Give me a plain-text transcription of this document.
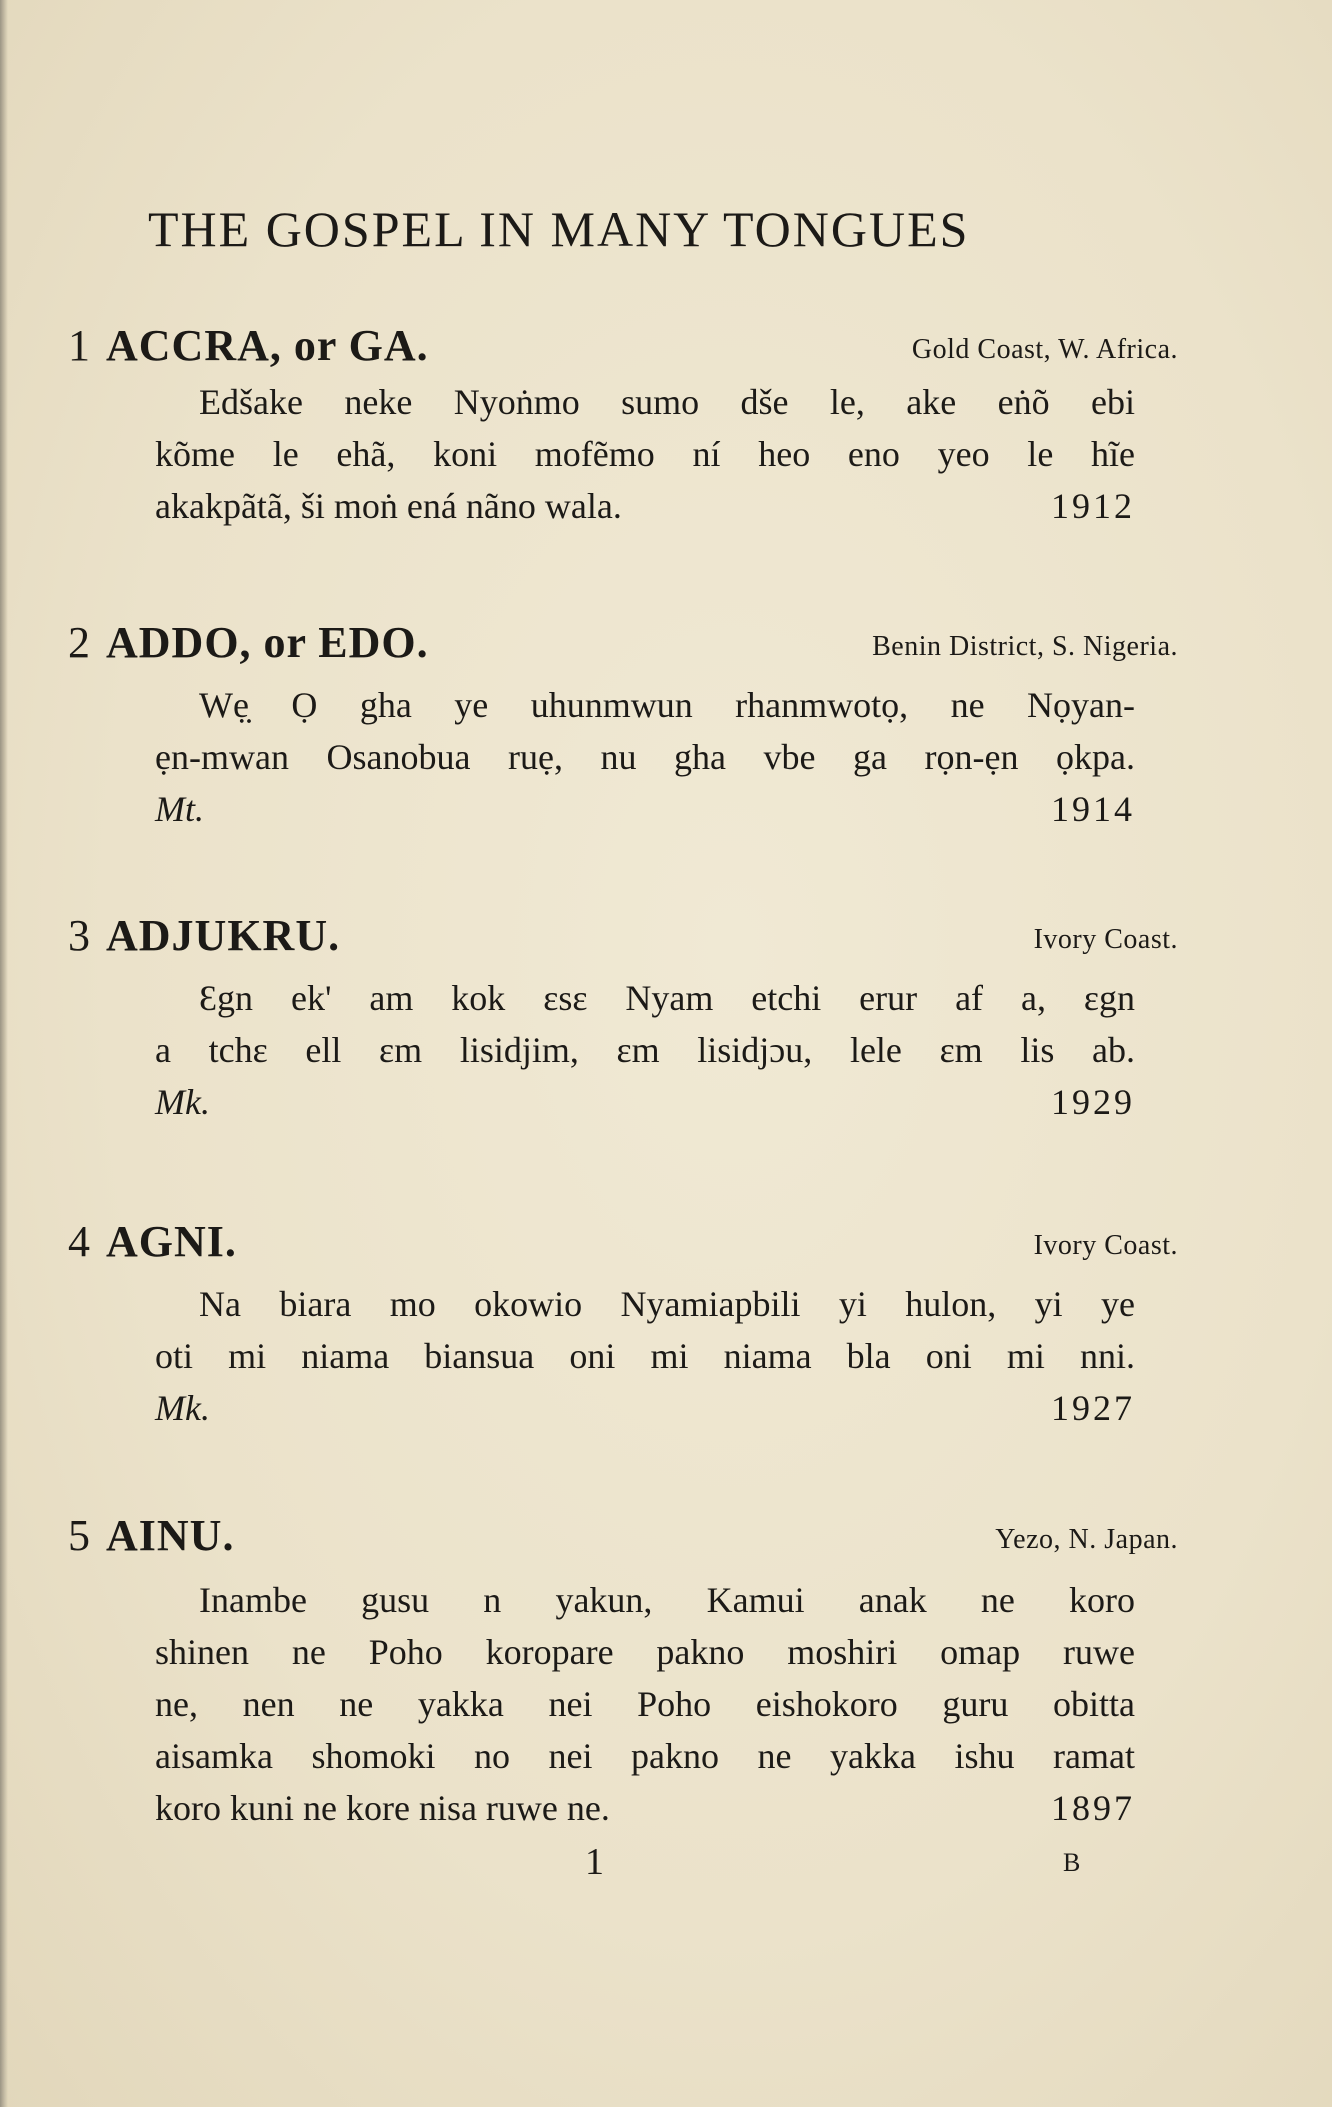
THE GOSPEL IN MANY TONGUES
1 ACCRA, or GA.	Gold Coast, W. Africa.
Edšake neke Nyoṅmo sumo dše le, ake eṅõ ebi
kõme le ehã, koni mofẽmo ní heo eno yeo le hĩe
akakpãtã, ši moṅ ená nãno wala.	1912
2 ADDO, or EDO.	Benin District, S. Nigeria.
Wẹ̣ Ọ gha ye uhunmwun rhanmwotọ, ne Nọyan-
ẹn-mwan Osanobua ruẹ, nu gha vbe ga rọn-ẹn ọkpa.
Mt.	1914
3 ADJUKRU.	Ivory Coast.
Ɛgn ek' am kok ɛsɛ Nyam etchi erur af a, ɛgn
a tchɛ ell ɛm lisidjim, ɛm lisidjɔu, lele ɛm lis ab.
Mk.	1929
4 AGNI.	Ivory Coast.
Na biara mo okowio Nyamiapbili yi hulon, yi ye
oti mi niama biansua oni mi niama bla oni mi nni.
Mk.	1927
5 AINU.	Yezo, N. Japan.
Inambe gusu n yakun, Kamui anak ne koro
shinen ne Poho koropare pakno moshiri omap ruwe
ne, nen ne yakka nei Poho eishokoro guru obitta
aisamka shomoki no nei pakno ne yakka ishu ramat
koro kuni ne kore nisa ruwe ne.	1897
1	B
